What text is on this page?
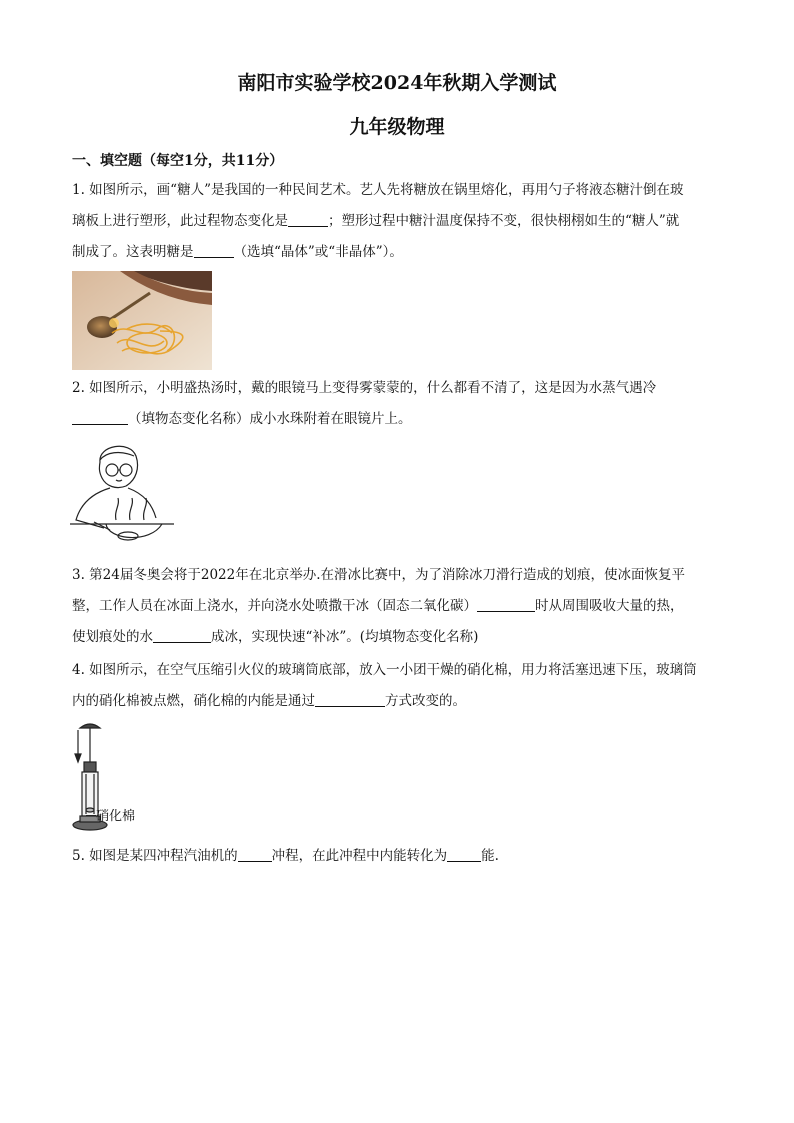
南阳市实验学校2024年秋期入学测试
九年级物理
一、填空题（每空1分，共11分）
1. 如图所示，画“糖人”是我国的一种民间艺术。艺人先将糖放在锅里熔化，再用勺子将液态糖汁倒在玻
璃板上进行塑形，此过程物态变化是	；塑形过程中糖汁温度保持不变，很快栩栩如生的“糖人”就
制成了。这表明糖是	（选填“晶体”或“非晶体”）。
2. 如图所示，小明盛热汤时，戴的眼镜马上变得雾蒙蒙的，什么都看不清了，这是因为水蒸气遇冷
（填物态变化名称）成小水珠附着在眼镜片上。
3. 第24届冬奥会将于2022年在北京举办.在滑冰比赛中，为了消除冰刀滑行造成的划痕，使冰面恢复平
整，工作人员在冰面上浇水，并向浇水处喷撒干冰（固态二氧化碳）	时从周围吸收大量的热，
使划痕处的水	成冰，实现快速“补冰”。(均填物态变化名称)
4. 如图所示，在空气压缩引火仪的玻璃筒底部，放入一小团干燥的硝化棉，用力将活塞迅速下压，玻璃筒
内的硝化棉被点燃，硝化棉的内能是通过	方式改变的。
硝化棉
5. 如图是某四冲程汽油机的	冲程，在此冲程中内能转化为	能.
